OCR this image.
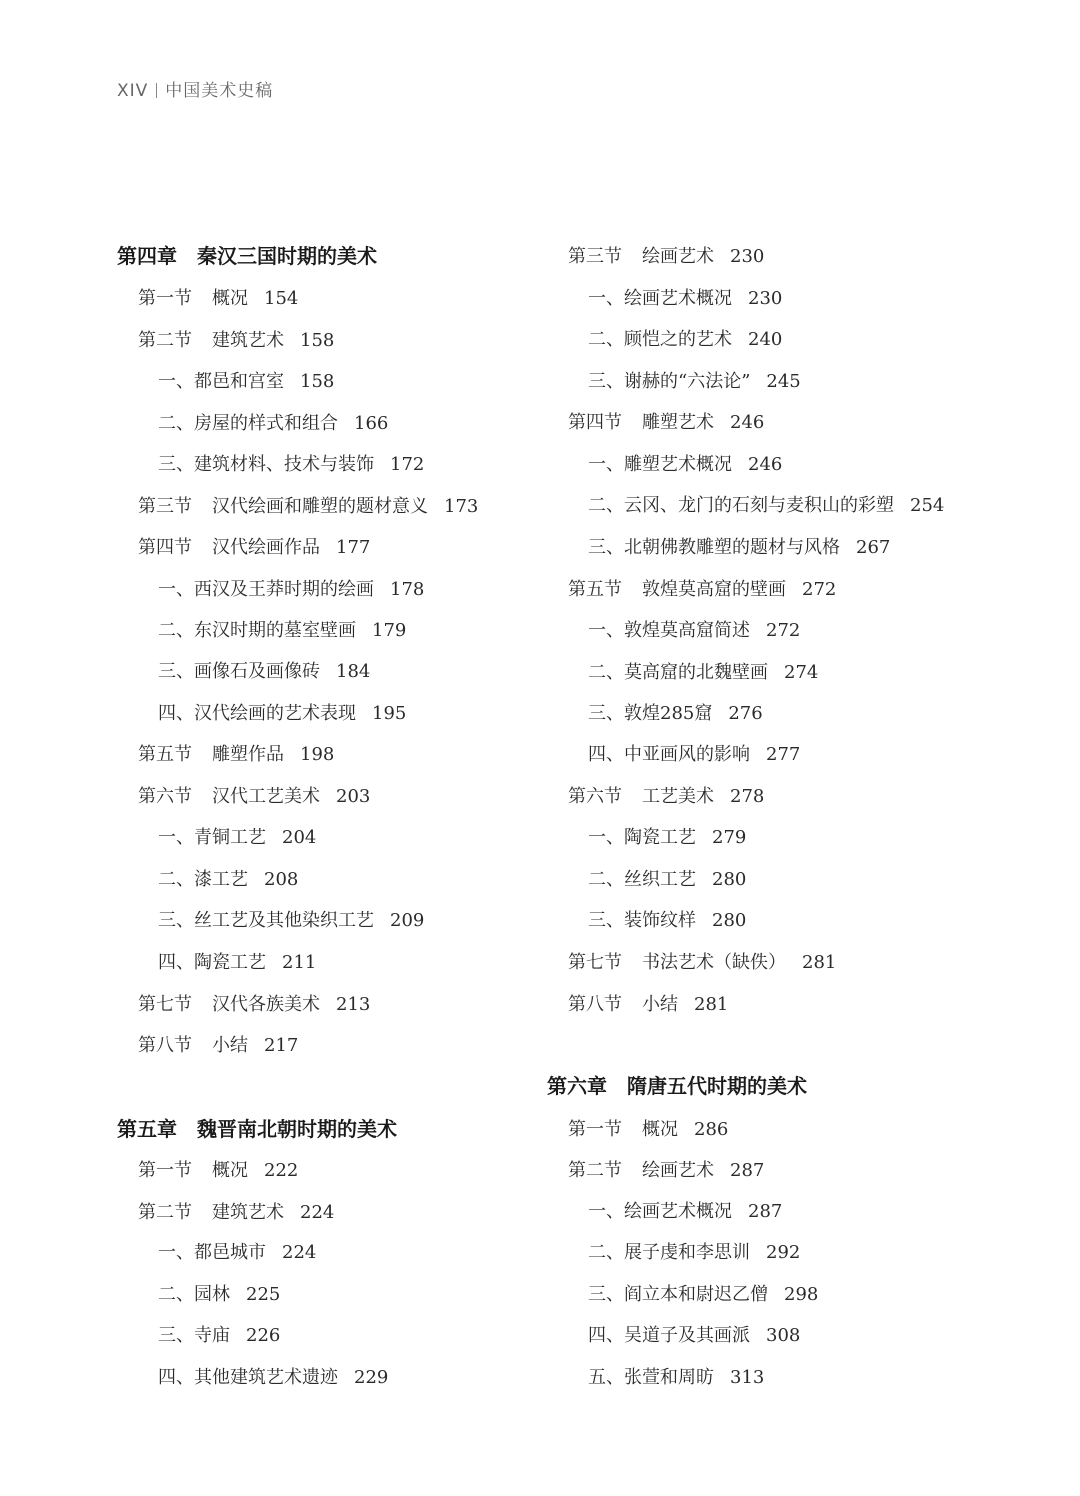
XIV 中国美术史稿
第四章 秦汉三国时期的美术
第一节 概况 154
第二节 建筑艺术 158
一、都邑和宫室 158
二、房屋的样式和组合 166
三、建筑材料、技术与装饰 172
第三节 汉代绘画和雕塑的题材意义 173
第四节 汉代绘画作品 177
一、西汉及王莽时期的绘画 178
二、东汉时期的墓室壁画 179
三、画像石及画像砖 184
四、汉代绘画的艺术表现 195
第五节 雕塑作品 198
第六节 汉代工艺美术 203
一、青铜工艺 204
二、漆工艺 208
三、丝工艺及其他染织工艺 209
四、陶瓷工艺 211
第七节 汉代各族美术 213
第八节 小结 217
第五章 魏晋南北朝时期的美术
第一节 概况 222
第二节 建筑艺术 224
一、都邑城市 224
二、园林 225
三、寺庙 226
四、其他建筑艺术遗迹 229
第三节 绘画艺术 230
一、绘画艺术概况 230
二、顾恺之的艺术 240
三、谢赫的“六法论” 245
第四节 雕塑艺术 246
一、雕塑艺术概况 246
二、云冈、龙门的石刻与麦积山的彩塑 254
三、北朝佛教雕塑的题材与风格 267
第五节 敦煌莫高窟的壁画 272
一、敦煌莫高窟简述 272
二、莫高窟的北魏壁画 274
三、敦煌285窟 276
四、中亚画风的影响 277
第六节 工艺美术 278
一、陶瓷工艺 279
二、丝织工艺 280
三、装饰纹样 280
第七节 书法艺术（缺佚） 281
第八节 小结 281
第六章 隋唐五代时期的美术
第一节 概况 286
第二节 绘画艺术 287
一、绘画艺术概况 287
二、展子虔和李思训 292
三、阎立本和尉迟乙僧 298
四、吴道子及其画派 308
五、张萱和周昉 313
